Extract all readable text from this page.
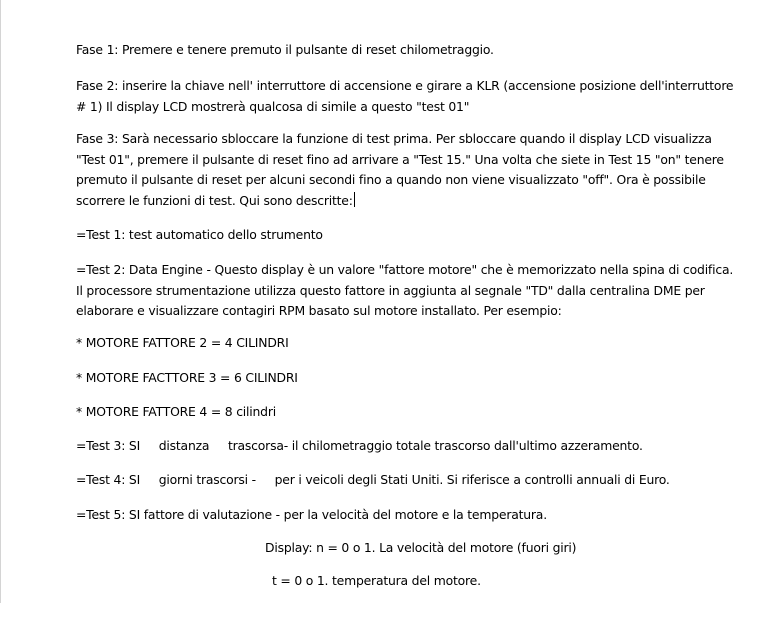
Fase 1: Premere e tenere premuto il pulsante di reset chilometraggio.

Fase 2: inserire la chiave nell' interruttore di accensione e girare a KLR (accensione posizione dell'interruttore
# 1) Il display LCD mostrerà qualcosa di simile a questo "test 01"

Fase 3: Sarà necessario sbloccare la funzione di test prima. Per sbloccare quando il display LCD visualizza
"Test 01", premere il pulsante di reset fino ad arrivare a "Test 15." Una volta che siete in Test 15 "on" tenere
premuto il pulsante di reset per alcuni secondi fino a quando non viene visualizzato "off". Ora è possibile
scorrere le funzioni di test. Qui sono descritte:

=Test 1: test automatico dello strumento

=Test 2: Data Engine - Questo display è un valore "fattore motore" che è memorizzato nella spina di codifica.
Il processore strumentazione utilizza questo fattore in aggiunta al segnale "TD" dalla centralina DME per
elaborare e visualizzare contagiri RPM basato sul motore installato. Per esempio:

* MOTORE FATTORE 2 = 4 CILINDRI

* MOTORE FACTTORE 3 = 6 CILINDRI

* MOTORE FATTORE 4 = 8 cilindri

=Test 3: SI     distanza     trascorsa- il chilometraggio totale trascorso dall'ultimo azzeramento.

=Test 4: SI     giorni trascorsi -     per i veicoli degli Stati Uniti. Si riferisce a controlli annuali di Euro.

=Test 5: SI fattore di valutazione - per la velocità del motore e la temperatura.

Display: n = 0 o 1. La velocità del motore (fuori giri)

t = 0 o 1. temperatura del motore.
